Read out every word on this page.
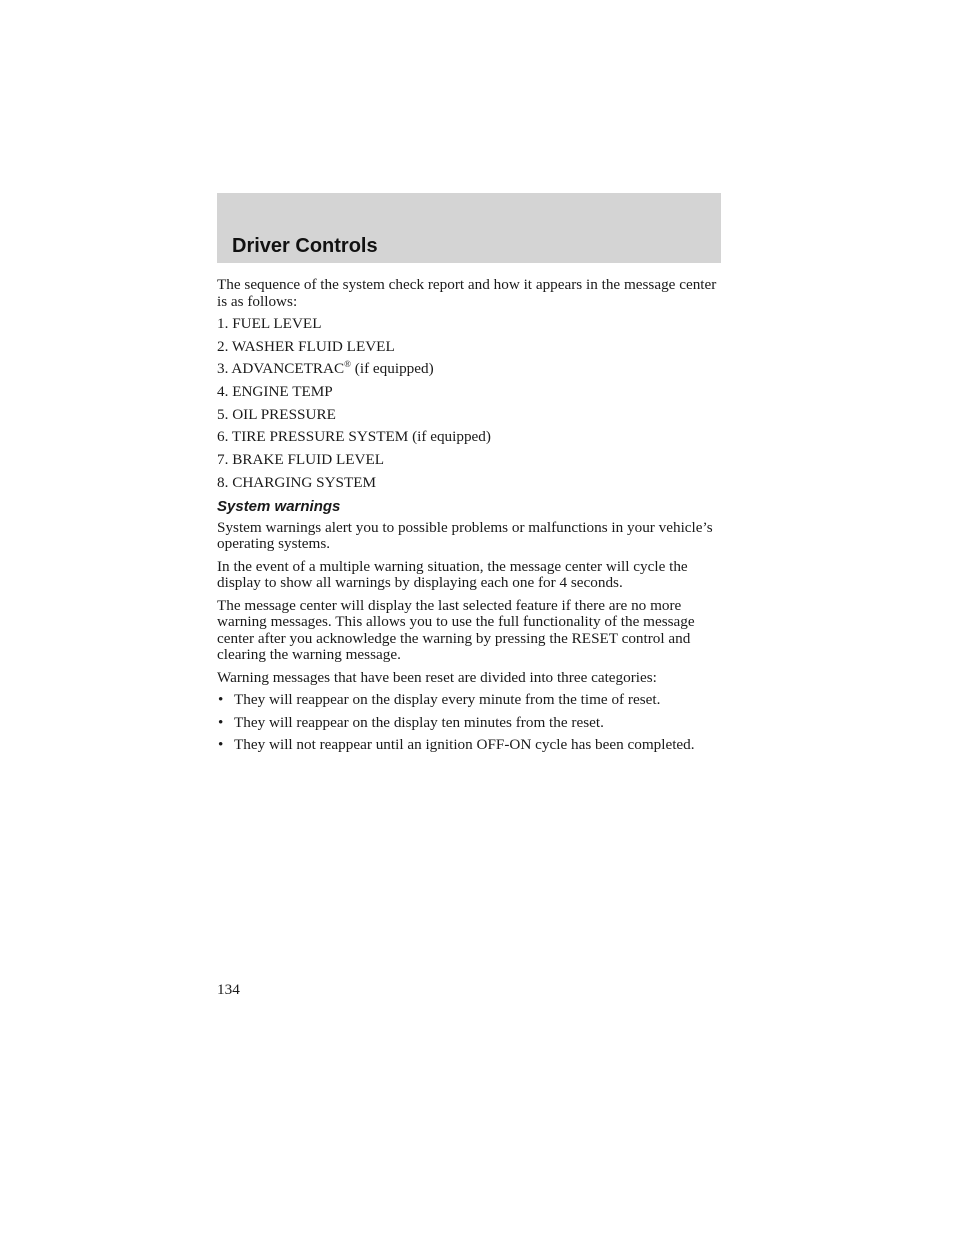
Driver Controls

The sequence of the system check report and how it appears in the message center is as follows:

1. FUEL LEVEL
2. WASHER FLUID LEVEL
3. ADVANCETRAC® (if equipped)
4. ENGINE TEMP
5. OIL PRESSURE
6. TIRE PRESSURE SYSTEM (if equipped)
7. BRAKE FLUID LEVEL
8. CHARGING SYSTEM
System warnings

System warnings alert you to possible problems or malfunctions in your vehicle’s operating systems.

In the event of a multiple warning situation, the message center will cycle the display to show all warnings by displaying each one for 4 seconds.

The message center will display the last selected feature if there are no more warning messages. This allows you to use the full functionality of the message center after you acknowledge the warning by pressing the RESET control and clearing the warning message.

Warning messages that have been reset are divided into three categories:

• They will reappear on the display every minute from the time of reset.
• They will reappear on the display ten minutes from the reset.
• They will not reappear until an ignition OFF-ON cycle has been completed.
134
